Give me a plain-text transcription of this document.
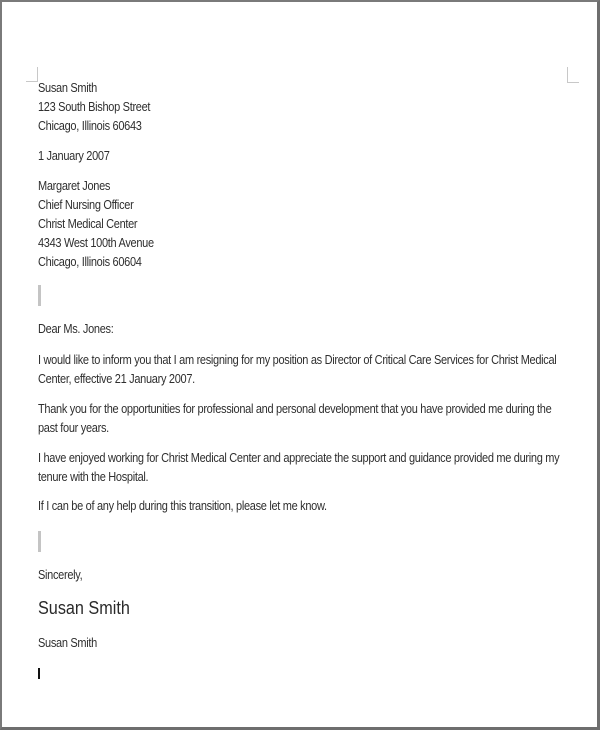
Susan Smith
123 South Bishop Street
Chicago, Illinois 60643
1 January 2007
Margaret Jones
Chief Nursing Officer
Christ Medical Center
4343 West 100th Avenue
Chicago, Illinois 60604
Dear Ms. Jones:
I would like to inform you that I am resigning for my position as Director of Critical Care Services for Christ Medical Center, effective 21 January 2007.
Thank you for the opportunities for professional and personal development that you have provided me during the past four years.
I have enjoyed working for Christ Medical Center and appreciate the support and guidance provided me during my tenure with the Hospital.
If I can be of any help during this transition, please let me know.
Sincerely,
Susan Smith
Susan Smith
